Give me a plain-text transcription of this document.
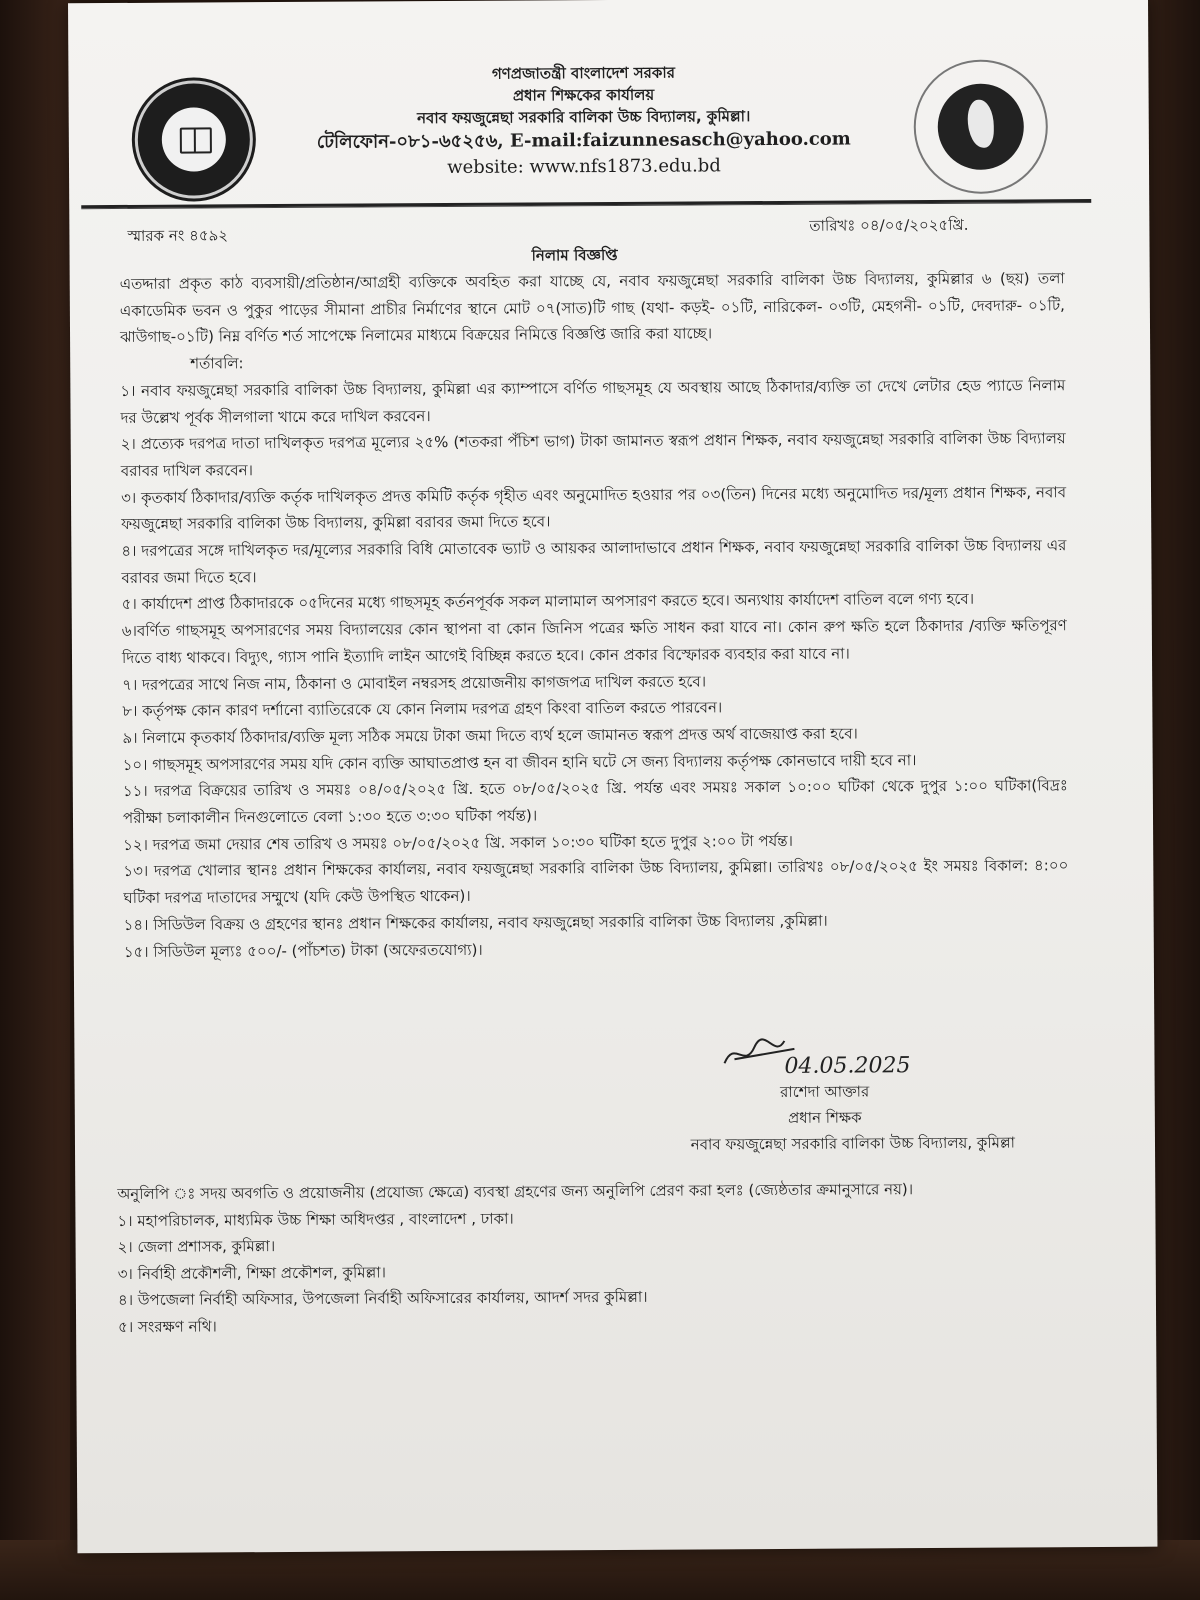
গণপ্রজাতন্ত্রী বাংলাদেশ সরকার
প্রধান শিক্ষকের কার্যালয়
নবাব ফয়জুন্নেছা সরকারি বালিকা উচ্চ বিদ্যালয়, কুমিল্লা।
টেলিফোন-০৮১-৬৫২৫৬, E-mail:faizunnesasch@yahoo.com
website: www.nfs1873.edu.bd
স্মারক নং ৪৫৯২
তারিখঃ ০৪/০৫/২০২৫খ্রি.
নিলাম বিজ্ঞপ্তি

এতদ্দারা প্রকৃত কাঠ ব্যবসায়ী/প্রতিষ্ঠান/আগ্রহী ব্যক্তিকে অবহিত করা যাচ্ছে যে, নবাব ফয়জুন্নেছা সরকারি বালিকা উচ্চ বিদ্যালয়, কুমিল্লার ৬ (ছয়) তলা একাডেমিক ভবন ও পুকুর পাড়ের সীমানা প্রাচীর নির্মাণের স্থানে মোট ০৭(সাত)টি গাছ (যথা- কড়ই- ০১টি, নারিকেল- ০৩টি, মেহগনী- ০১টি, দেবদারু- ০১টি, ঝাউগাছ-০১টি) নিম্ন বর্ণিত শর্ত সাপেক্ষে নিলামের মাধ্যমে বিক্রয়ের নিমিত্তে বিজ্ঞপ্তি জারি করা যাচ্ছে।

শর্তাবলি:

১। নবাব ফয়জুন্নেছা সরকারি বালিকা উচ্চ বিদ্যালয়, কুমিল্লা এর ক্যাম্পাসে বর্ণিত গাছসমূহ যে অবস্থায় আছে ঠিকাদার/ব্যক্তি তা দেখে লেটার হেড প্যাডে নিলাম দর উল্লেখ পূর্বক সীলগালা খামে করে দাখিল করবেন।

২। প্রত্যেক দরপত্র দাতা দাখিলকৃত দরপত্র মূল্যের ২৫% (শতকরা পঁচিশ ভাগ) টাকা জামানত স্বরূপ প্রধান শিক্ষক, নবাব ফয়জুন্নেছা সরকারি বালিকা উচ্চ বিদ্যালয় বরাবর দাখিল করবেন।

৩। কৃতকার্য ঠিকাদার/ব্যক্তি কর্তৃক দাখিলকৃত প্রদত্ত কমিটি কর্তৃক গৃহীত এবং অনুমোদিত হওয়ার পর ০৩(তিন) দিনের মধ্যে অনুমোদিত দর/মূল্য প্রধান শিক্ষক, নবাব ফয়জুন্নেছা সরকারি বালিকা উচ্চ বিদ্যালয়, কুমিল্লা বরাবর জমা দিতে হবে।

৪। দরপত্রের সঙ্গে দাখিলকৃত দর/মূল্যের সরকারি বিধি মোতাবেক ভ্যাট ও আয়কর আলাদাভাবে প্রধান শিক্ষক, নবাব ফয়জুন্নেছা সরকারি বালিকা উচ্চ বিদ্যালয় এর বরাবর জমা দিতে হবে।

৫। কার্যাদেশ প্রাপ্ত ঠিকাদারকে ০৫দিনের মধ্যে গাছসমূহ কর্তনপূর্বক সকল মালামাল অপসারণ করতে হবে। অন্যথায় কার্যাদেশ বাতিল বলে গণ্য হবে।

৬।বর্ণিত গাছসমূহ অপসারণের সময় বিদ্যালয়ের কোন স্থাপনা বা কোন জিনিস পত্রের ক্ষতি সাধন করা যাবে না। কোন রুপ ক্ষতি হলে ঠিকাদার /ব্যক্তি ক্ষতিপূরণ দিতে বাধ্য থাকবে। বিদ্যুৎ, গ্যাস পানি ইত্যাদি লাইন আগেই বিচ্ছিন্ন করতে হবে। কোন প্রকার বিস্ফোরক ব্যবহার করা যাবে না।

৭। দরপত্রের সাথে নিজ নাম, ঠিকানা ও মোবাইল নম্বরসহ প্রয়োজনীয় কাগজপত্র দাখিল করতে হবে।

৮। কর্তৃপক্ষ কোন কারণ দর্শানো ব্যাতিরেকে যে কোন নিলাম দরপত্র গ্রহণ কিংবা বাতিল করতে পারবেন।

৯। নিলামে কৃতকার্য ঠিকাদার/ব্যক্তি মূল্য সঠিক সময়ে টাকা জমা দিতে ব্যর্থ হলে জামানত স্বরূপ প্রদত্ত অর্থ বাজেয়াপ্ত করা হবে।

১০। গাছসমূহ অপসারণের সময় যদি কোন ব্যক্তি আঘাতপ্রাপ্ত হন বা জীবন হানি ঘটে সে জন্য বিদ্যালয় কর্তৃপক্ষ কোনভাবে দায়ী হবে না।

১১। দরপত্র বিক্রয়ের তারিখ ও সময়ঃ ০৪/০৫/২০২৫ খ্রি. হতে ০৮/০৫/২০২৫ খ্রি. পর্যন্ত এবং সময়ঃ সকাল ১০:০০ ঘটিকা থেকে দুপুর ১:০০ ঘটিকা(বিদ্রঃ পরীক্ষা চলাকালীন দিনগুলোতে বেলা ১:৩০ হতে ৩:৩০ ঘটিকা পর্যন্ত)।

১২। দরপত্র জমা দেয়ার শেষ তারিখ ও সময়ঃ ০৮/০৫/২০২৫ খ্রি. সকাল ১০:৩০ ঘটিকা হতে দুপুর ২:০০ টা পর্যন্ত।

১৩। দরপত্র খোলার স্থানঃ প্রধান শিক্ষকের কার্যালয়, নবাব ফয়জুন্নেছা সরকারি বালিকা উচ্চ বিদ্যালয়, কুমিল্লা। তারিখঃ ০৮/০৫/২০২৫ ইং সময়ঃ বিকাল: ৪:০০ ঘটিকা দরপত্র দাতাদের সম্মুখে (যদি কেউ উপস্থিত থাকেন)।

১৪। সিডিউল বিক্রয় ও গ্রহণের স্থানঃ প্রধান শিক্ষকের কার্যালয়, নবাব ফয়জুন্নেছা সরকারি বালিকা উচ্চ বিদ্যালয় ,কুমিল্লা।

১৫। সিডিউল মূল্যঃ ৫০০/- (পাঁচশত) টাকা (অফেরতযোগ্য)।

04.05.2025
রাশেদা আক্তার
প্রধান শিক্ষক
নবাব ফয়জুন্নেছা সরকারি বালিকা উচ্চ বিদ্যালয়, কুমিল্লা

অনুলিপি ঃ সদয় অবগতি ও প্রয়োজনীয় (প্রযোজ্য ক্ষেত্রে) ব্যবস্থা গ্রহণের জন্য অনুলিপি প্রেরণ করা হলঃ (জ্যেষ্ঠতার ক্রমানুসারে নয়)।

১। মহাপরিচালক, মাধ্যমিক উচ্চ শিক্ষা অধিদপ্তর , বাংলাদেশ , ঢাকা।

২। জেলা প্রশাসক, কুমিল্লা।

৩। নির্বাহী প্রকৌশলী, শিক্ষা প্রকৌশল, কুমিল্লা।

৪। উপজেলা নির্বাহী অফিসার, উপজেলা নির্বাহী অফিসারের কার্যালয়, আদর্শ সদর কুমিল্লা।

৫। সংরক্ষণ নথি।
